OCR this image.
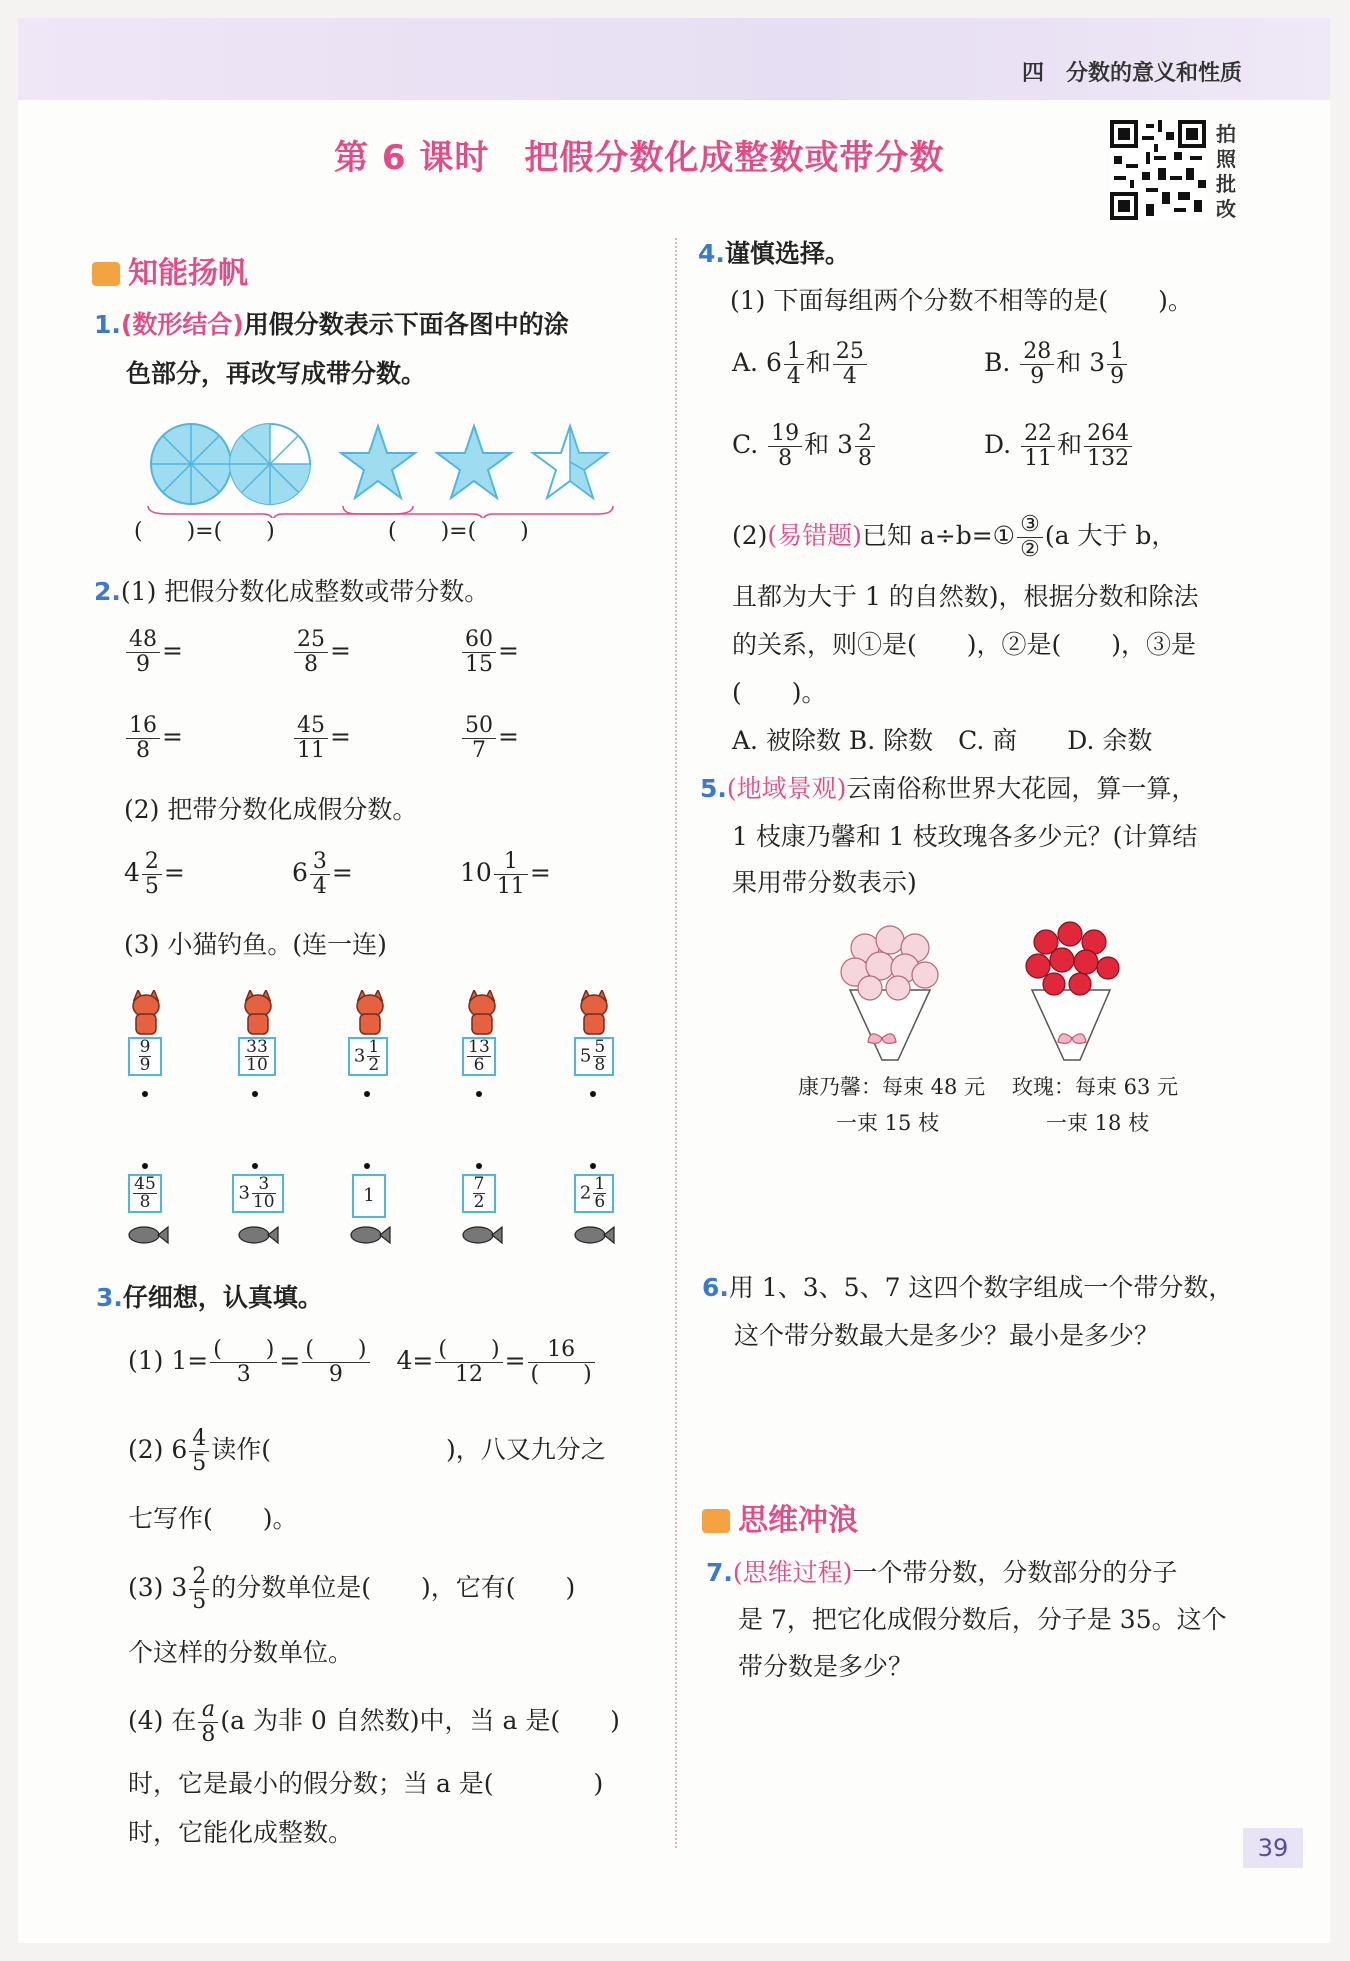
四　分数的意义和性质
第 6 课时　把假分数化成整数或带分数
拍照批改
知能扬帆
1.(数形结合)用假分数表示下面各图中的涂
色部分，再改写成带分数。
(　　)=(　　)	(　　)=(　　)
2.(1) 把假分数化成整数或带分数。
$\frac{48}{9}$ =	$\frac{25}{8}$ =	$\frac{60}{15}$ =
$\frac{16}{8}$ =	$\frac{45}{11}$ =	$\frac{50}{7}$ =
(2) 把带分数化成假分数。
$4 \frac{2}{5}$ =	$6 \frac{3}{4}$ =	$10 \frac{1}{11}$ =
(3) 小猫钓鱼。(连一连)
$\frac{9}{9}$	$\frac{33}{10}$	$3 \frac{1}{2}$	$\frac{13}{6}$	$5 \frac{5}{8}$
$\frac{45}{8}$	$3 \frac{3}{10}$	1	$\frac{7}{2}$	$2 \frac{1}{6}$
3.仔细想，认真填。
(1) $1= \frac{( )}{3} = \frac{( )}{9}$
　 $4= \frac{( )}{12} = \frac{16}{( )}$
(2) $6 \frac{4}{5}$ 读作(　　　　　　　)，八又九分之
七写作(　　)。
(3) $3 \frac{2}{5}$ 的分数单位是(　　)，它有(　　)
个这样的分数单位。
(4) 在 $\frac{a}{8} (a$ 为非 0 自然数)中，当 a 是(　　)
时，它是最小的假分数；当 a 是(　　　　)
时，它能化成整数。
4.谨慎选择。
(1) 下面每组两个分数不相等的是(　　)。
A. $6 \frac{1}{4}$ 和 $\frac{25}{4}$	B. $\frac{28}{9}$ 和 $3 \frac{1}{9}$
C. $\frac{19}{8}$ 和 $3 \frac{2}{8}$	D. $\frac{22}{11}$ 和 $\frac{264}{132}$
(2)(易错题)已知 a÷b=① $\frac{\text{③}}{\text{②}} (a$ 大于 b，
且都为大于 1 的自然数)，根据分数和除法
的关系，则①是(　　)，②是(　　)，③是
(　　)。
A. 被除数 B. 除数　C. 商　　D. 余数
5.(地域景观)云南俗称世界大花园，算一算，
1 枝康乃馨和 1 枝玫瑰各多少元？(计算结
果用带分数表示)
康乃馨：每束 48 元
一束 15 枝
玫瑰：每束 63 元
一束 18 枝
6.用 1、3、5、7 这四个数字组成一个带分数，
这个带分数最大是多少？最小是多少？
思维冲浪
7.(思维过程)一个带分数，分数部分的分子
是 7，把它化成假分数后，分子是 35。这个
带分数是多少？
39
